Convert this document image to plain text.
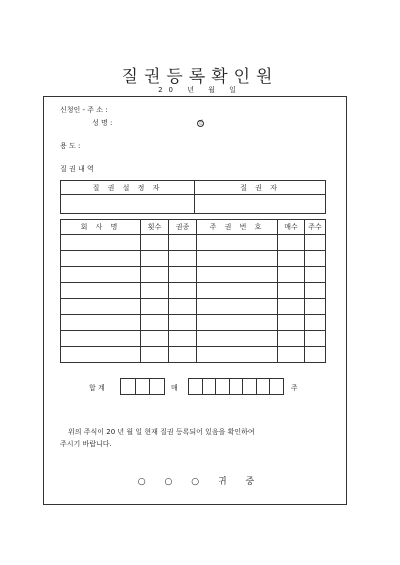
질권등록확인원
20 년 월 일
신청인 - 주 소 :
성 명 :	인
용 도 :
질 권 내 역
질 권 설 정 자	질 권 자

회 사 명	횟수	권종	주 권 번 호	매수	주수

합 계	매	주
위의 주식이 20 년 월 일 현재 질권 등록되어 있음을 확인하여
주시기 바랍니다.
○ ○ ○ 귀 중
